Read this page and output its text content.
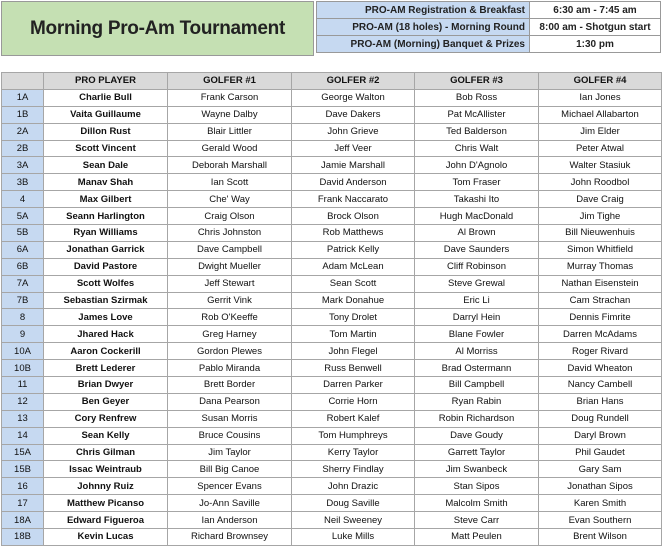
Morning Pro-Am Tournament
PRO-AM Registration & Breakfast	6:30 am - 7:45 am
PRO-AM (18 holes) - Morning Round	8:00 am - Shotgun start
PRO-AM (Morning) Banquet & Prizes	1:30 pm
	PRO PLAYER	GOLFER #1	GOLFER #2	GOLFER #3	GOLFER #4
1A	Charlie Bull	Frank Carson	George Walton	Bob Ross	Ian Jones
1B	Vaita Guillaume	Wayne Dalby	Dave Dakers	Pat McAllister	Michael Allabarton
2A	Dillon Rust	Blair Littler	John Grieve	Ted Balderson	Jim Elder
2B	Scott Vincent	Gerald Wood	Jeff Veer	Chris Walt	Peter Atwal
3A	Sean Dale	Deborah Marshall	Jamie Marshall	John D'Agnolo	Walter Stasiuk
3B	Manav Shah	Ian Scott	David Anderson	Tom Fraser	John Roodbol
4	Max Gilbert	Che' Way	Frank Naccarato	Takashi Ito	Dave Craig
5A	Seann Harlington	Craig Olson	Brock Olson	Hugh MacDonald	Jim Tighe
5B	Ryan Williams	Chris Johnston	Rob Matthews	Al Brown	Bill Nieuwenhuis
6A	Jonathan Garrick	Dave Campbell	Patrick Kelly	Dave Saunders	Simon Whitfield
6B	David Pastore	Dwight Mueller	Adam McLean	Cliff Robinson	Murray Thomas
7A	Scott Wolfes	Jeff Stewart	Sean Scott	Steve Grewal	Nathan Eisenstein
7B	Sebastian Szirmak	Gerrit Vink	Mark Donahue	Eric Li	Cam Strachan
8	James Love	Rob O'Keeffe	Tony Drolet	Darryl Hein	Dennis Fimrite
9	Jhared Hack	Greg Harney	Tom Martin	Blane Fowler	Darren McAdams
10A	Aaron Cockerill	Gordon Plewes	John Flegel	Al Morriss	Roger Rivard
10B	Brett Lederer	Pablo Miranda	Russ Benwell	Brad Ostermann	David Wheaton
11	Brian Dwyer	Brett Border	Darren Parker	Bill Campbell	Nancy Cambell
12	Ben Geyer	Dana Pearson	Corrie Horn	Ryan Rabin	Brian Hans
13	Cory Renfrew	Susan Morris	Robert Kalef	Robin Richardson	Doug Rundell
14	Sean Kelly	Bruce Cousins	Tom Humphreys	Dave Goudy	Daryl Brown
15A	Chris Gilman	Jim Taylor	Kerry Taylor	Garrett Taylor	Phil Gaudet
15B	Issac Weintraub	Bill Big Canoe	Sherry Findlay	Jim Swanbeck	Gary Sam
16	Johnny Ruiz	Spencer Evans	John Drazic	Stan Sipos	Jonathan Sipos
17	Matthew Picanso	Jo-Ann Saville	Doug Saville	Malcolm Smith	Karen Smith
18A	Edward Figueroa	Ian Anderson	Neil Sweeney	Steve Carr	Evan Southern
18B	Kevin Lucas	Richard Brownsey	Luke Mills	Matt Peulen	Brent Wilson
